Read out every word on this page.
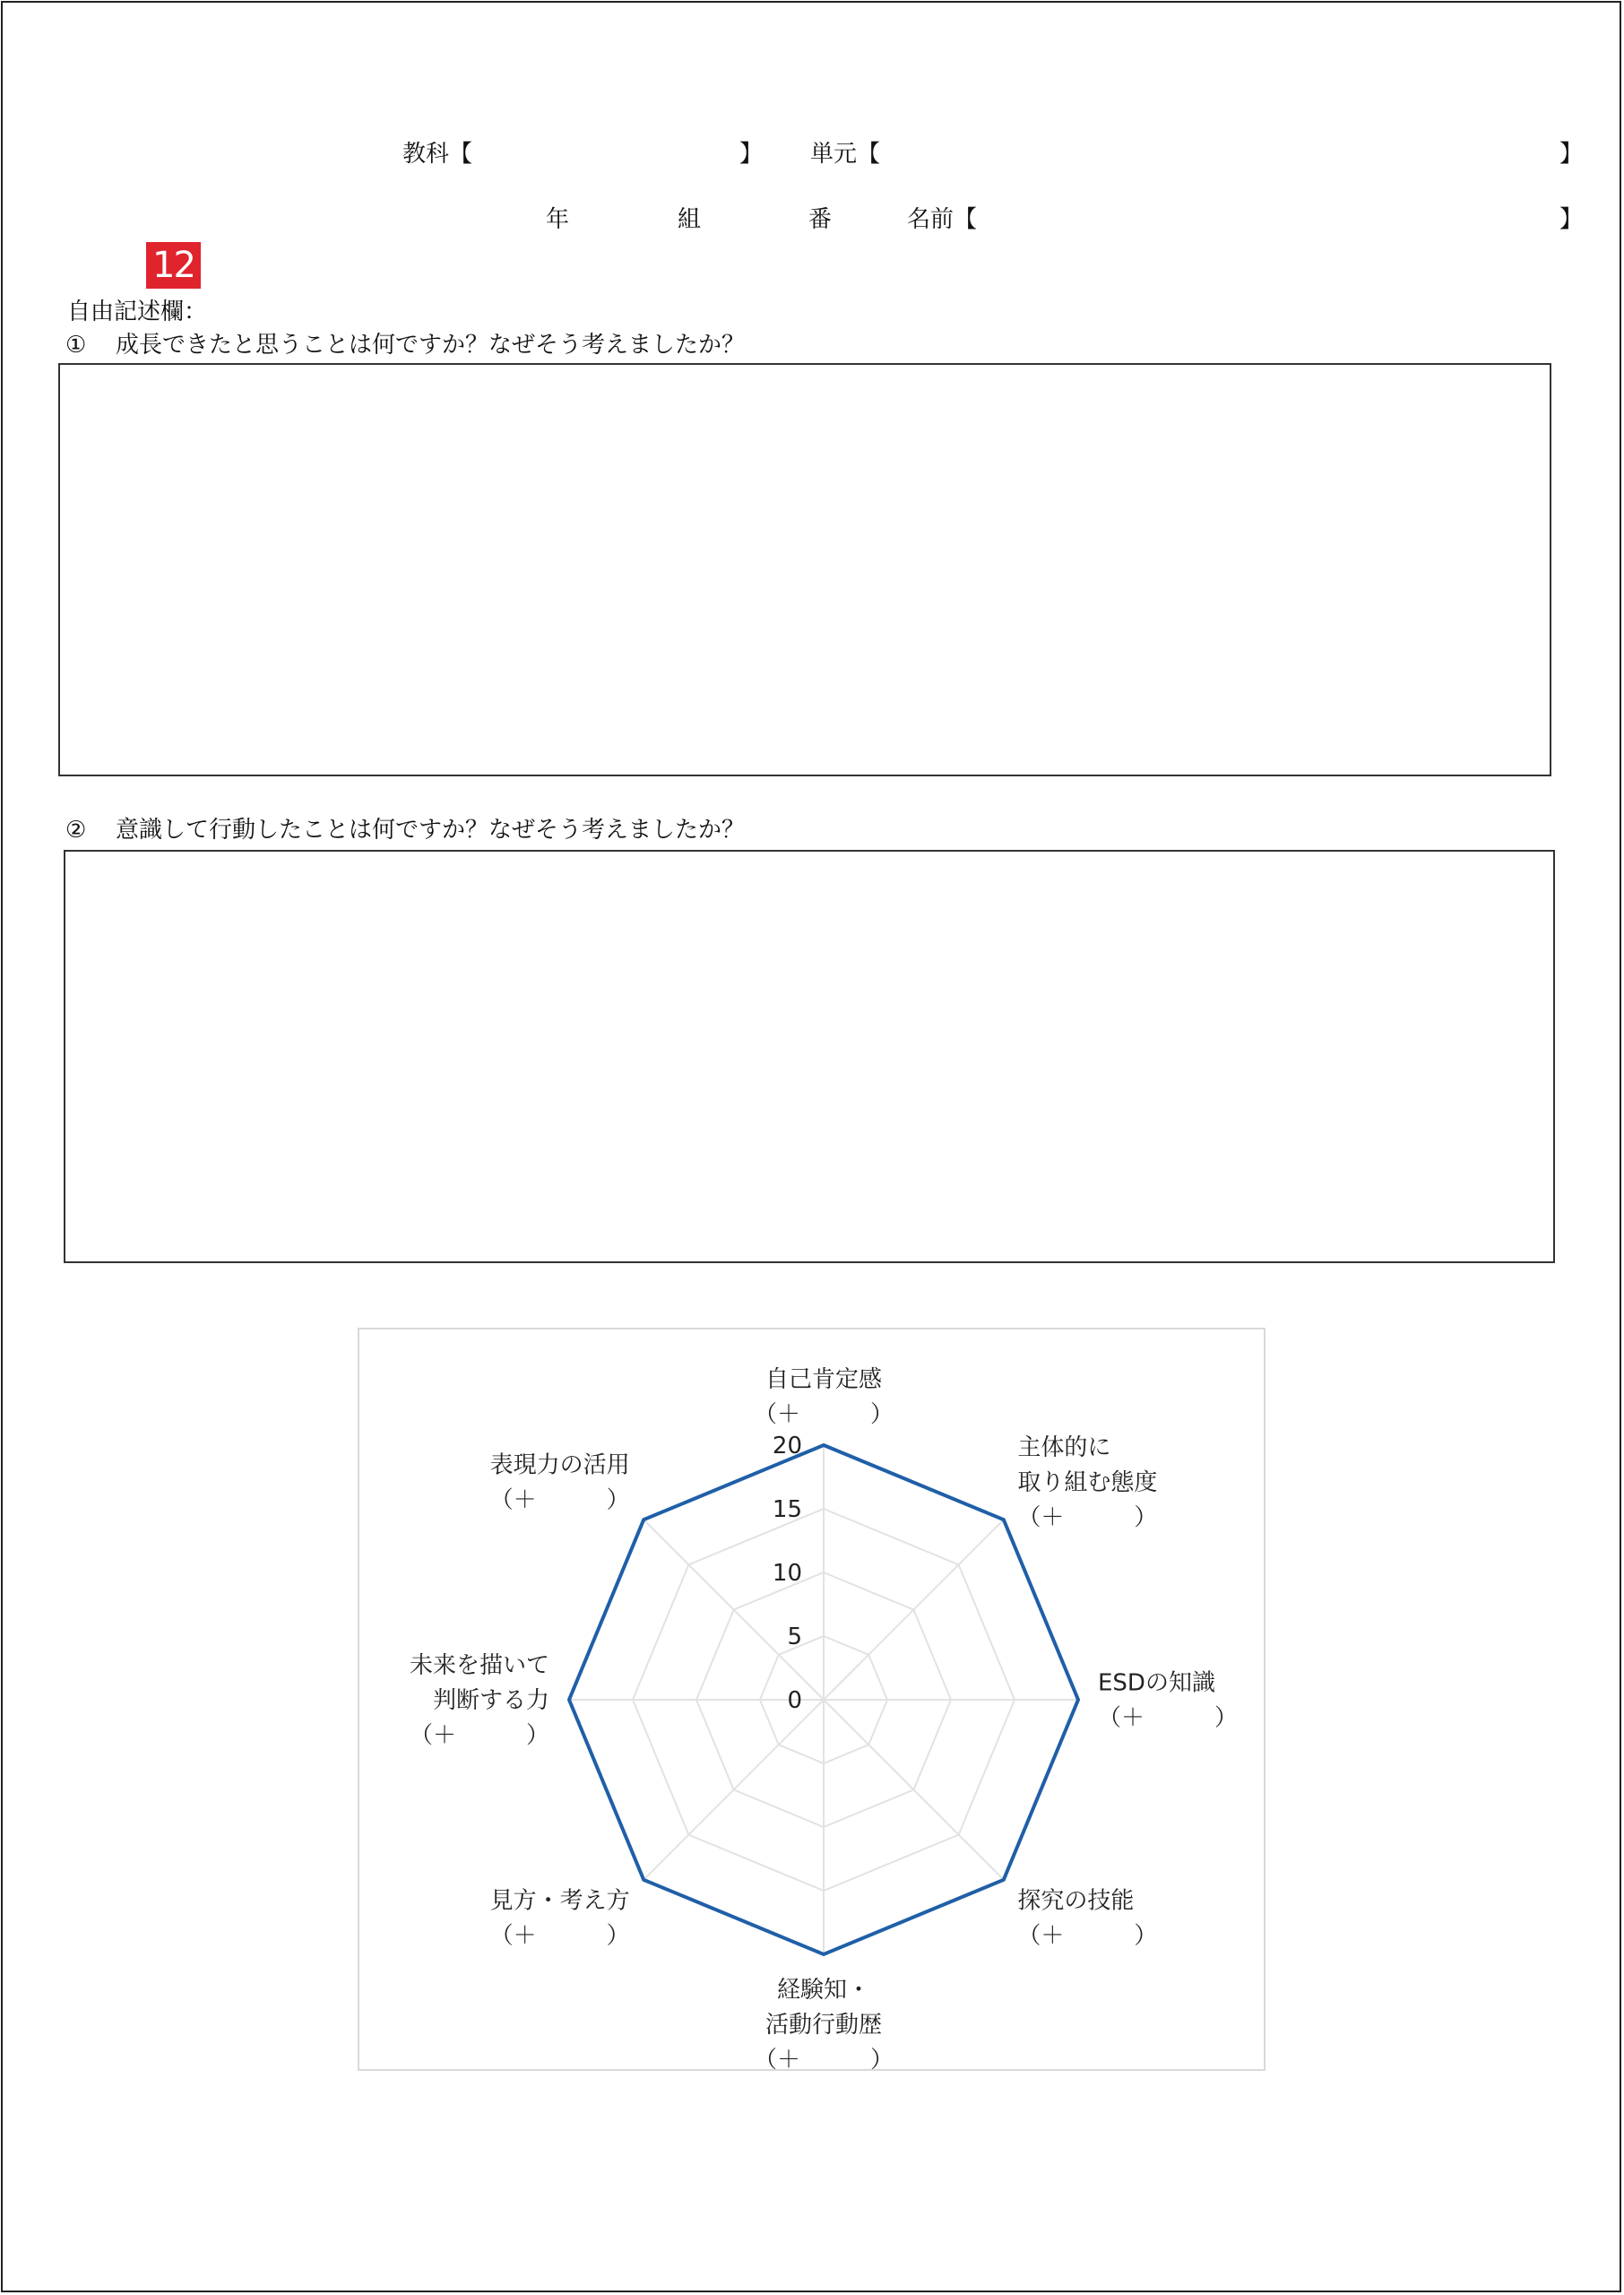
教科【	】 単元【	】
年	組	番	名前【	】
12
自由記述欄：
① 成長できたと思うことは何ですか？なぜそう考えましたか？
② 意識して行動したことは何ですか？なぜそう考えましたか？
0
5
10
15
20
自己肯定感
（＋　　　）
主体的に
取り組む態度
（＋　　　）
ESDの知識
（＋　　　）
探究の技能
（＋　　　）
経験知・
活動行動歴
（＋　　　）
見方・考え方
（＋　　　）
未来を描いて
判断する力
（＋　　　）
表現力の活用
（＋　　　）
